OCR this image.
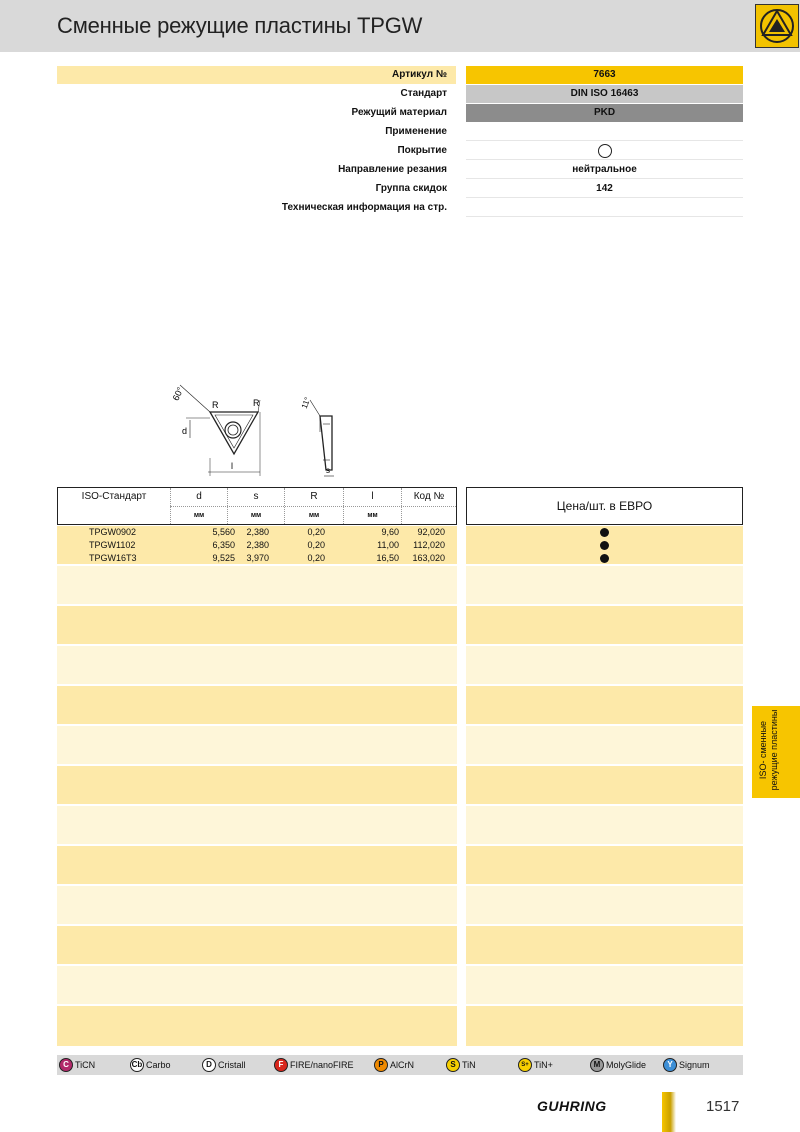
Сменные режущие пластины TPGW
Артикул №	7663
Стандарт	DIN ISO 16463
Режущий материал	PKD
Применение
Покрытие
Направление резания	нейтральное
Группа скидок	142
Техническая информация на стр.
60°
R	R
d
l
11°
s
ISO-Стандарт	d	s	R	l	Код №
мм	мм	мм	мм
Цена/шт. в ЕВРО
TPGW0902	5,560	2,380	0,20	9,60	92,020
TPGW1102	6,350	2,380	0,20	11,00	112,020
TPGW16T3	9,525	3,970	0,20	16,50	163,020
ISO- сменные режущие пластины
C TiCN	Cb Carbo	D Cristall	F FIRE/nanoFIRE	P AlCrN	S TiN	S+ TiN+	M MolyGlide	Y Signum
GUHRING	1517
